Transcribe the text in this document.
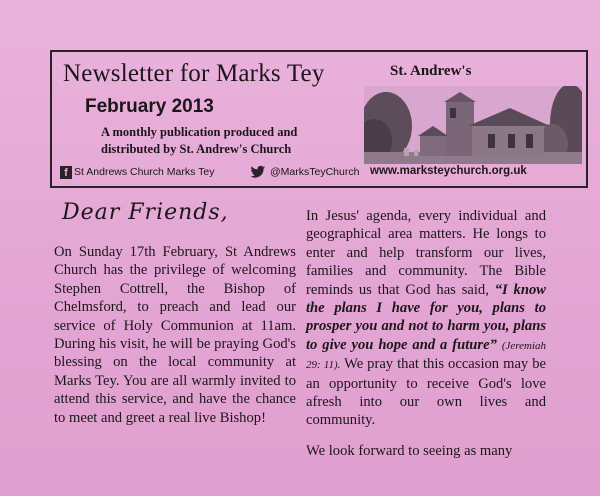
Newsletter for Marks Tey
February 2013
A monthly publication produced and
distributed by St. Andrew's Church
St. Andrew's
f St Andrews Church Marks Tey	@MarksTeyChurch www.marksteychurch.org.uk
Dear Friends,

On Sunday 17th February, St Andrews Church has the privilege of welcoming Stephen Cottrell, the Bishop of Chelmsford, to preach and lead our service of Holy Communion at 11am. During his visit, he will be praying God's blessing on the local community at Marks Tey. You are all warmly invited to attend this service, and have the chance to meet and greet a real live Bishop!

In Jesus' agenda, every individual and geographical area matters. He longs to enter and help transform our lives, families and community. The Bible reminds us that God has said, “I know the plans I have for you, plans to prosper you and not to harm you, plans to give you hope and a future” (Jeremiah 29: 11). We pray that this occasion may be an opportunity to receive God's love afresh into our own lives and community.

We look forward to seeing as many
